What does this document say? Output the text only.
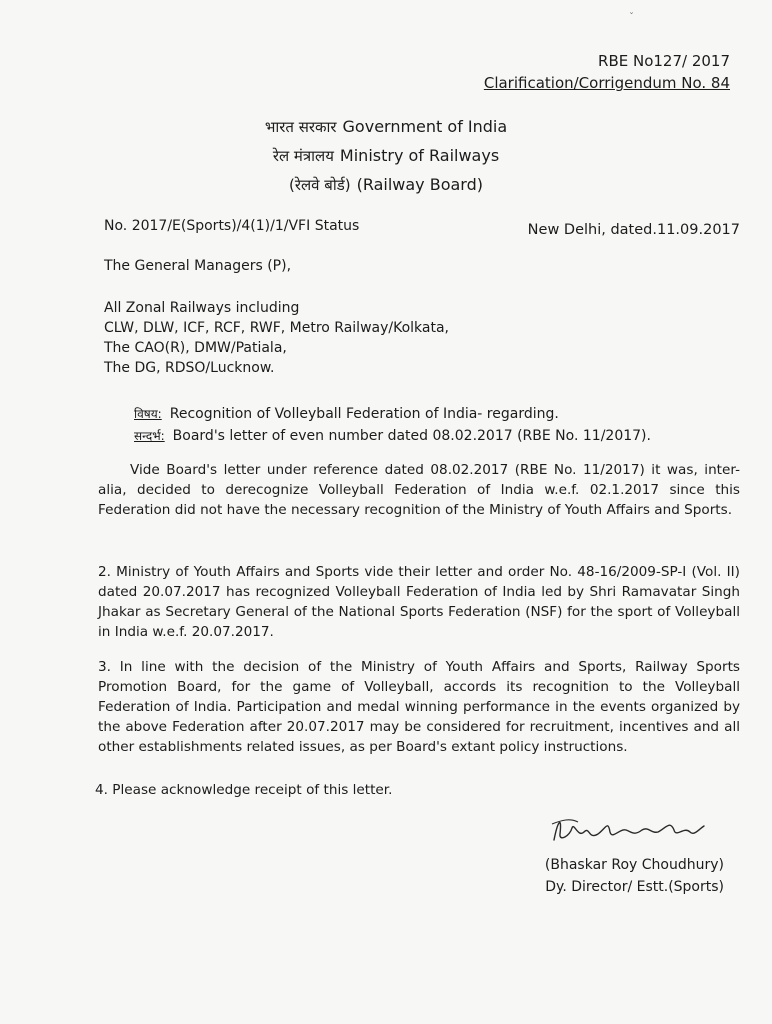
ˇ
RBE No127/ 2017
Clarification/Corrigendum No. 84
भारत सरकार Government of India
रेल मंत्रालय Ministry of Railways
(रेलवे बोर्ड) (Railway Board)
No. 2017/E(Sports)/4(1)/1/VFI Status	New Delhi, dated.11.09.2017
The General Managers (P),
All Zonal Railways including
CLW, DLW, ICF, RCF, RWF, Metro Railway/Kolkata,
The CAO(R), DMW/Patiala,
The DG, RDSO/Lucknow.
विषय: Recognition of Volleyball Federation of India- regarding.
सन्दर्भ: Board's letter of even number dated 08.02.2017 (RBE No. 11/2017).
Vide Board's letter under reference dated 08.02.2017 (RBE No. 11/2017) it was, inter-alia, decided to derecognize Volleyball Federation of India w.e.f. 02.1.2017 since this Federation did not have the necessary recognition of the Ministry of Youth Affairs and Sports.
2. Ministry of Youth Affairs and Sports vide their letter and order No. 48-16/2009-SP-I (Vol. II) dated 20.07.2017 has recognized Volleyball Federation of India led by Shri Ramavatar Singh Jhakar as Secretary General of the National Sports Federation (NSF) for the sport of Volleyball in India w.e.f. 20.07.2017.
3. In line with the decision of the Ministry of Youth Affairs and Sports, Railway Sports Promotion Board, for the game of Volleyball, accords its recognition to the Volleyball Federation of India. Participation and medal winning performance in the events organized by the above Federation after 20.07.2017 may be considered for recruitment, incentives and all other establishments related issues, as per Board's extant policy instructions.
4. Please acknowledge receipt of this letter.
(Bhaskar Roy Choudhury)
Dy. Director/ Estt.(Sports)
